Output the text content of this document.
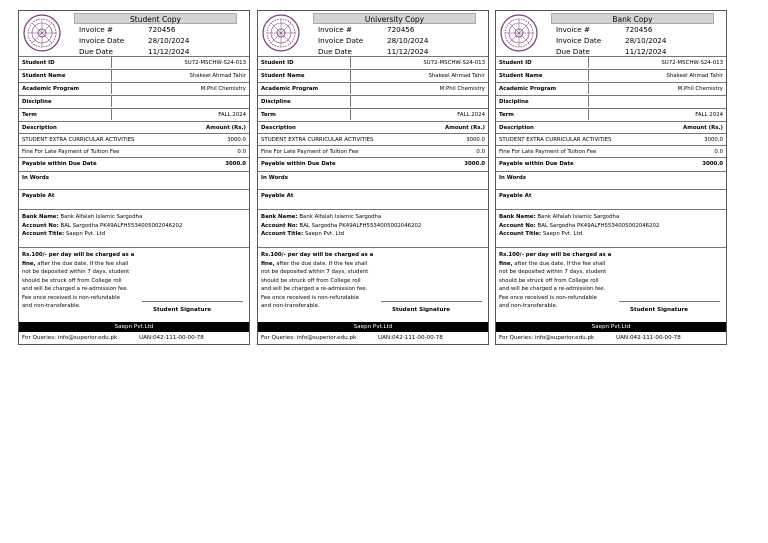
Student Copy
Invoice #	720456
Invoice Date	28/10/2024
Due Date	11/12/2024
Student ID	SU72-MSCHW-S24-013
Student Name	Shakeel Ahmad Tahir
Academic Program	M.Phil Chemistry
Discipline
Term	FALL 2024
Description	Amount (Rs.)
STUDENT EXTRA CURRICULAR ACTIVITIES	3000.0
Fine For Late Payment of Tuition Fee	0.0
Payable within Due Date	3000.0
In Words
Payable At
Bank Name: Bank Alfalah Islamic Sargodha
Account No: BAL Sargodha PK49ALFH5534005002046202
Account Title: Saepn Pvt. Ltd
Rs.100/- per day will be charged as a fine, after the due date. If the fee shall
not be deposited within 7 days, student
should be struck off from College roll
and will be charged a re-admission fee.
Fee once received is non-refundable
and non-transferable.
Student Signature
Saepn Pvt.Ltd
For Queries: info@superior.edu.pk	UAN:042-111-00-00-78
University Copy
Invoice #	720456
Invoice Date	28/10/2024
Due Date	11/12/2024
Student ID	SU72-MSCHW-S24-013
Student Name	Shakeel Ahmad Tahir
Academic Program	M.Phil Chemistry
Discipline
Term	FALL 2024
Description	Amount (Rs.)
STUDENT EXTRA CURRICULAR ACTIVITIES	3000.0
Fine For Late Payment of Tuition Fee	0.0
Payable within Due Date	3000.0
In Words
Payable At
Bank Name: Bank Alfalah Islamic Sargodha
Account No: BAL Sargodha PK49ALFH5534005002046202
Account Title: Saepn Pvt. Ltd
Rs.100/- per day will be charged as a fine, after the due date. If the fee shall
not be deposited within 7 days, student
should be struck off from College roll
and will be charged a re-admission fee.
Fee once received is non-refundable
and non-transferable.
Student Signature
Saepn Pvt.Ltd
For Queries: info@superior.edu.pk	UAN:042-111-00-00-78
Bank Copy
Invoice #	720456
Invoice Date	28/10/2024
Due Date	11/12/2024
Student ID	SU72-MSCHW-S24-013
Student Name	Shakeel Ahmad Tahir
Academic Program	M.Phil Chemistry
Discipline
Term	FALL 2024
Description	Amount (Rs.)
STUDENT EXTRA CURRICULAR ACTIVITIES	3000.0
Fine For Late Payment of Tuition Fee	0.0
Payable within Due Date	3000.0
In Words
Payable At
Bank Name: Bank Alfalah Islamic Sargodha
Account No: BAL Sargodha PK49ALFH5534005002046202
Account Title: Saepn Pvt. Ltd
Rs.100/- per day will be charged as a fine, after the due date. If the fee shall
not be deposited within 7 days, student
should be struck off from College roll
and will be charged a re-admission fee.
Fee once received is non-refundable
and non-transferable.
Student Signature
Saepn Pvt.Ltd
For Queries: info@superior.edu.pk	UAN:042-111-00-00-78
